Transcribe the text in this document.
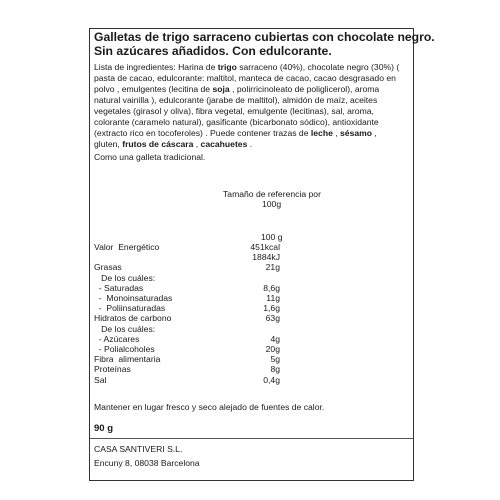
Galletas de trigo sarraceno cubiertas con chocolate negro.
Sin azúcares añadidos. Con edulcorante.
Lista de ingredientes: Harina de trigo sarraceno (40%), chocolate negro (30%) (
pasta de cacao, edulcorante: maltitol, manteca de cacao, cacao desgrasado en
polvo , emulgentes (lecitina de soja , polirricinoleato de poliglicerol), aroma
natural vainilla ), edulcorante (jarabe de maltitol), almidón de maíz, aceites
vegetales (girasol y oliva), fibra vegetal, emulgente (lecitinas), sal, aroma,
colorante (caramelo natural), gasificante (bicarbonato sódico), antioxidante
(extracto rico en tocoferoles) . Puede contener trazas de leche , sésamo ,
gluten, frutos de cáscara , cacahuetes .
Como una galleta tradicional.
Tamaño de referencia por
100g
100 g
Valor  Energético	451kcal
1884kJ
Grasas	21g
De los cuáles:
- Saturadas	8,6g
-  Monoinsaturadas	11g
-  Poliinsaturadas	1,6g
Hidratos de carbono	63g
De los cuáles:
- Azúcares	4g
- Polialcoholes	20g
Fibra  alimentaria	5g
Proteínas	8g
Sal	0,4g
Mantener en lugar fresco y seco alejado de fuentes de calor.
90 g
CASA SANTIVERI S.L.
Encuny 8, 08038 Barcelona
